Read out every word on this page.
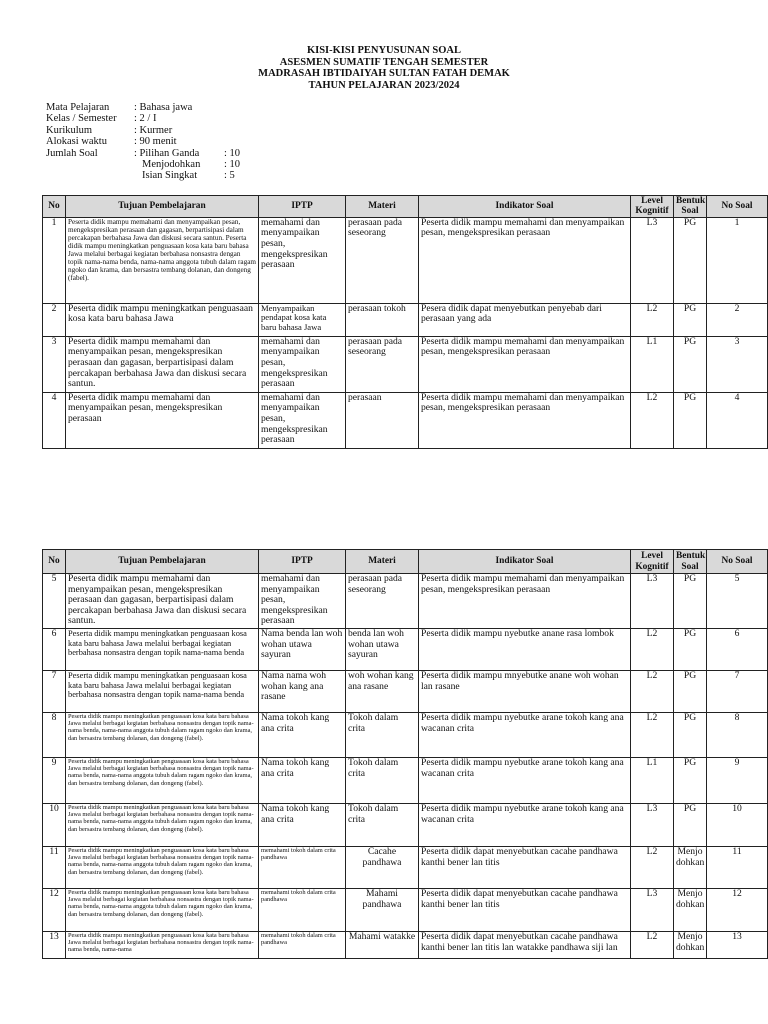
KISI-KISI PENYUSUNAN SOAL
ASESMEN SUMATIF TENGAH SEMESTER
MADRASAH IBTIDAIYAH SULTAN FATAH DEMAK
TAHUN PELAJARAN 2023/2024
Mata Pelajaran : Bahasa jawa
Kelas / Semester : 2 / I
Kurikulum	: Kurmer
Alokasi waktu	: 90 menit
Jumlah Soal	: Pilihan Ganda : 10
Menjodohkan : 10
Isian Singkat	: 5
No	Tujuan Pembelajaran	IPTP	Materi	Indikator Soal	Level Kognitif	Bentuk Soal	No Soal
1	Peserta didik mampu memahami dan menyampaikan pesan, mengekspresikan perasaan dan gagasan, berpartisipasi dalam percakapan berbahasa Jawa dan diskusi secara santun. Peserta didik mampu meningkatkan penguasaan kosa kata baru bahasa Jawa melalui berbagai kegiatan berbahasa nonsastra dengan topik nama-nama benda, nama-nama anggota tubuh dalam ragam ngoko dan krama, dan bersastra tembang dolanan, dan dongeng (fabel).	memahami dan menyampaikan pesan, mengekspresikan perasaan	perasaan pada seseorang	Peserta didik mampu memahami dan menyampaikan pesan, mengekspresikan perasaan	L3	PG	1
2	Peserta didik mampu meningkatkan penguasaan kosa kata baru bahasa Jawa	Menyampaikan pendapat kosa kata baru bahasa Jawa	perasaan tokoh	Pesera didik dapat menyebutkan penyebab dari perasaan yang ada	L2	PG	2
3	Peserta didik mampu memahami dan menyampaikan pesan, mengekspresikan perasaan dan gagasan, berpartisipasi dalam percakapan berbahasa Jawa dan diskusi secara santun.	memahami dan menyampaikan pesan, mengekspresikan perasaan	perasaan pada seseorang	Peserta didik mampu memahami dan menyampaikan pesan, mengekspresikan perasaan	L1	PG	3
4	Peserta didik mampu memahami dan menyampaikan pesan, mengekspresikan perasaan	memahami dan menyampaikan pesan, mengekspresikan perasaan	perasaan	Peserta didik mampu memahami dan menyampaikan pesan, mengekspresikan perasaan	L2	PG	4
No	Tujuan Pembelajaran	IPTP	Materi	Indikator Soal	Level Kognitif	Bentuk Soal	No Soal
5	Peserta didik mampu memahami dan menyampaikan pesan, mengekspresikan perasaan dan gagasan, berpartisipasi dalam percakapan berbahasa Jawa dan diskusi secara santun.	memahami dan menyampaikan pesan, mengekspresikan perasaan	perasaan pada seseorang	Peserta didik mampu memahami dan menyampaikan pesan, mengekspresikan perasaan	L3	PG	5
6	Peserta didik mampu meningkatkan penguasaan kosa kata baru bahasa Jawa melalui berbagai kegiatan berbahasa nonsastra dengan topik nama-nama benda	Nama benda lan woh wohan utawa sayuran	benda lan woh wohan utawa sayuran	Peserta didik mampu nyebutke anane rasa lombok	L2	PG	6
7	Peserta didik mampu meningkatkan penguasaan kosa kata baru bahasa Jawa melalui berbagai kegiatan berbahasa nonsastra dengan topik nama-nama benda	Nama nama woh wohan kang ana rasane	woh wohan kang ana rasane	Peserta didik mampu mnyebutke anane woh wohan lan rasane	L2	PG	7
8	Peserta didik mampu meningkatkan penguasaan kosa kata baru bahasa Jawa melalui berbagai kegiatan berbahasa nonsastra dengan topik nama-nama benda, nama-nama anggota tubuh dalam ragam ngoko dan krama, dan bersastra tembang dolanan, dan dongeng (fabel).	Nama tokoh kang ana crita	Tokoh dalam crita	Peserta didik mampu nyebutke arane tokoh kang ana wacanan crita	L2	PG	8
9	Peserta didik mampu meningkatkan penguasaan kosa kata baru bahasa Jawa melalui berbagai kegiatan berbahasa nonsastra dengan topik nama-nama benda, nama-nama anggota tubuh dalam ragam ngoko dan krama, dan bersastra tembang dolanan, dan dongeng (fabel).	Nama tokoh kang ana crita	Tokoh dalam crita	Peserta didik mampu nyebutke arane tokoh kang ana wacanan crita	L1	PG	9
10	Peserta didik mampu meningkatkan penguasaan kosa kata baru bahasa Jawa melalui berbagai kegiatan berbahasa nonsastra dengan topik nama-nama benda, nama-nama anggota tubuh dalam ragam ngoko dan krama, dan bersastra tembang dolanan, dan dongeng (fabel).	Nama tokoh kang ana crita	Tokoh dalam crita	Peserta didik mampu nyebutke arane tokoh kang ana wacanan crita	L3	PG	10
11	Peserta didik mampu meningkatkan penguasaan kosa kata baru bahasa Jawa melalui berbagai kegiatan berbahasa nonsastra dengan topik nama-nama benda, nama-nama anggota tubuh dalam ragam ngoko dan krama, dan bersastra tembang dolanan, dan dongeng (fabel).	memahami tokoh dalam crita pandhawa	Cacahe pandhawa	Peserta didik dapat menyebutkan cacahe pandhawa kanthi bener lan titis	L2	Menjo dohkan	11
12	Peserta didik mampu meningkatkan penguasaan kosa kata baru bahasa Jawa melalui berbagai kegiatan berbahasa nonsastra dengan topik nama-nama benda, nama-nama anggota tubuh dalam ragam ngoko dan krama, dan bersastra tembang dolanan, dan dongeng (fabel).	memahami tokoh dalam crita pandhawa	Mahami pandhawa	Peserta didik dapat menyebutkan cacahe pandhawa kanthi bener lan titis	L3	Menjo dohkan	12
13	Peserta didik mampu meningkatkan penguasaan kosa kata baru bahasa Jawa melalui berbagai kegiatan berbahasa nonsastra dengan topik nama-nama benda, nama-nama	memahami tokoh dalam crita pandhawa	Mahami watakke	Peserta didik dapat menyebutkan cacahe pandhawa kanthi bener lan titis lan watakke pandhawa siji lan	L2	Menjo dohkan	13
